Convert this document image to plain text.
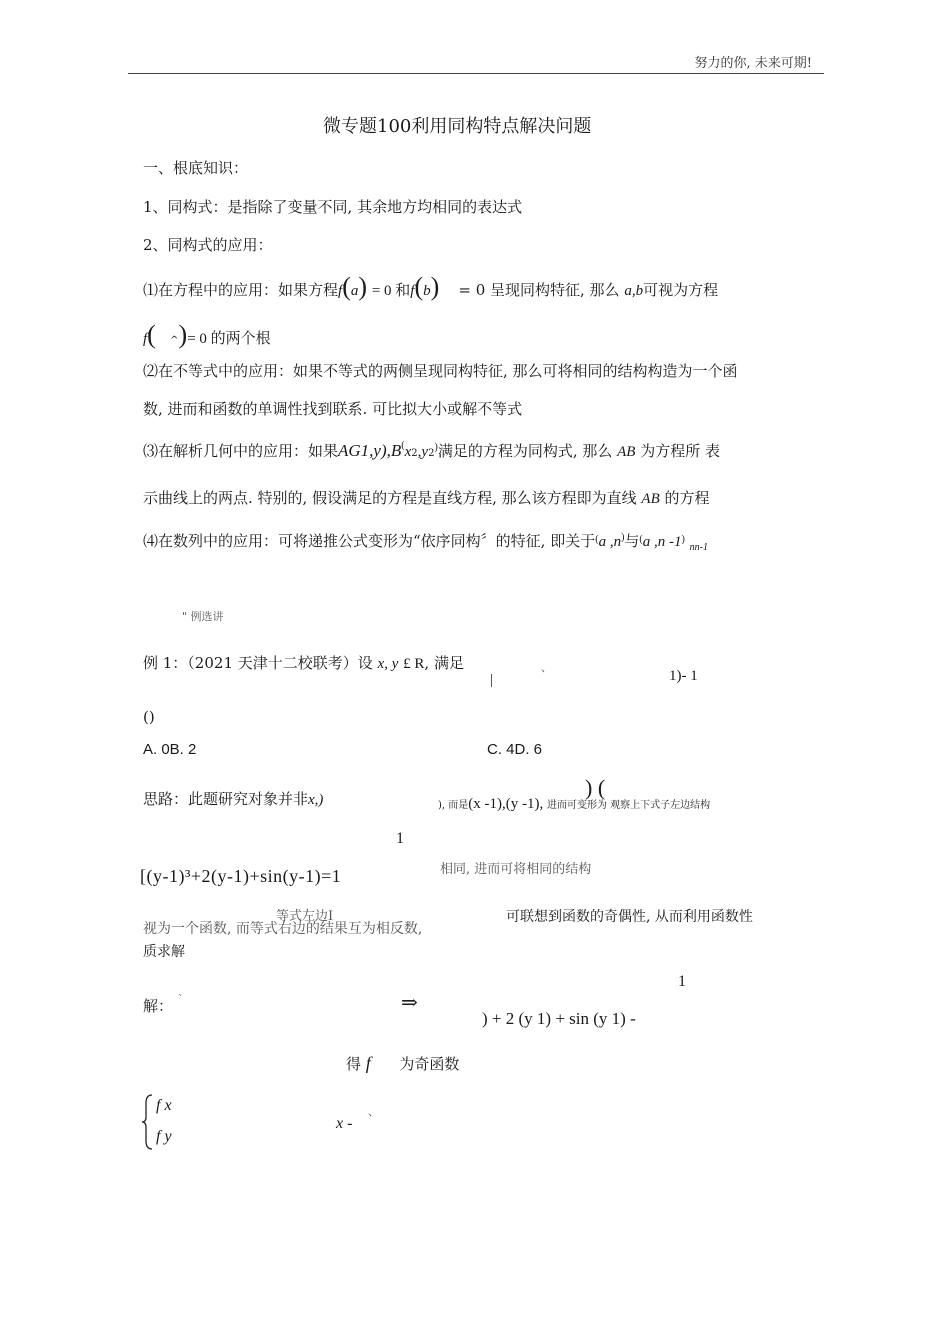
努力的你, 未来可期!
微专题100利用同构特点解决问题
一、根底知识：
1、同构式：是指除了变量不同, 其余地方均相同的表达式
2、同构式的应用：
⑴在方程中的应用：如果方程f(a) = 0 和f(b) = 0 呈现同构特征, 那么 a,b可视为方程
f( ^)= 0 的两个根
⑵在不等式中的应用：如果不等式的两侧呈现同构特征, 那么可将相同的结构构造为一个函
数, 进而和函数的单调性找到联系. 可比拟大小或解不等式
⑶在解析几何中的应用：如果AG1,y),B(x2,y2)满足的方程为同构式, 那么 AB 为方程所 表
示曲线上的两点. 特别的, 假设满足的方程是直线方程, 那么该方程即为直线 AB 的方程
⑷在数列中的应用：可将递推公式变形为“依序同构〞的特征, 即关于(a ,n)与(a ,n -1) $_{nn-1}$
" 例选讲
例 1：（2021 天津十二校联考）设 x, y £ R, 满足	、
|	1)- 1
()
A. 0B. 2	C. 4D. 6
思路：此题研究对象并非x,)	), 而是(x -1),(y -1), 进而可变形为 观察上下式子左边结构
) (
1
[(y-1)³+2(y-1)+sin(y-1)=1	相同, 进而可将相同的结构
等式左边Ⅰ
视为一个函数, 而等式右边的结果互为相反数,
可联想到函数的奇偶性, 从而利用函数性
质求解
解： `	⇒
1
) + 2 (y 1) + sin (y 1) -
得 f 为奇函数
f x
f y
x -
、
